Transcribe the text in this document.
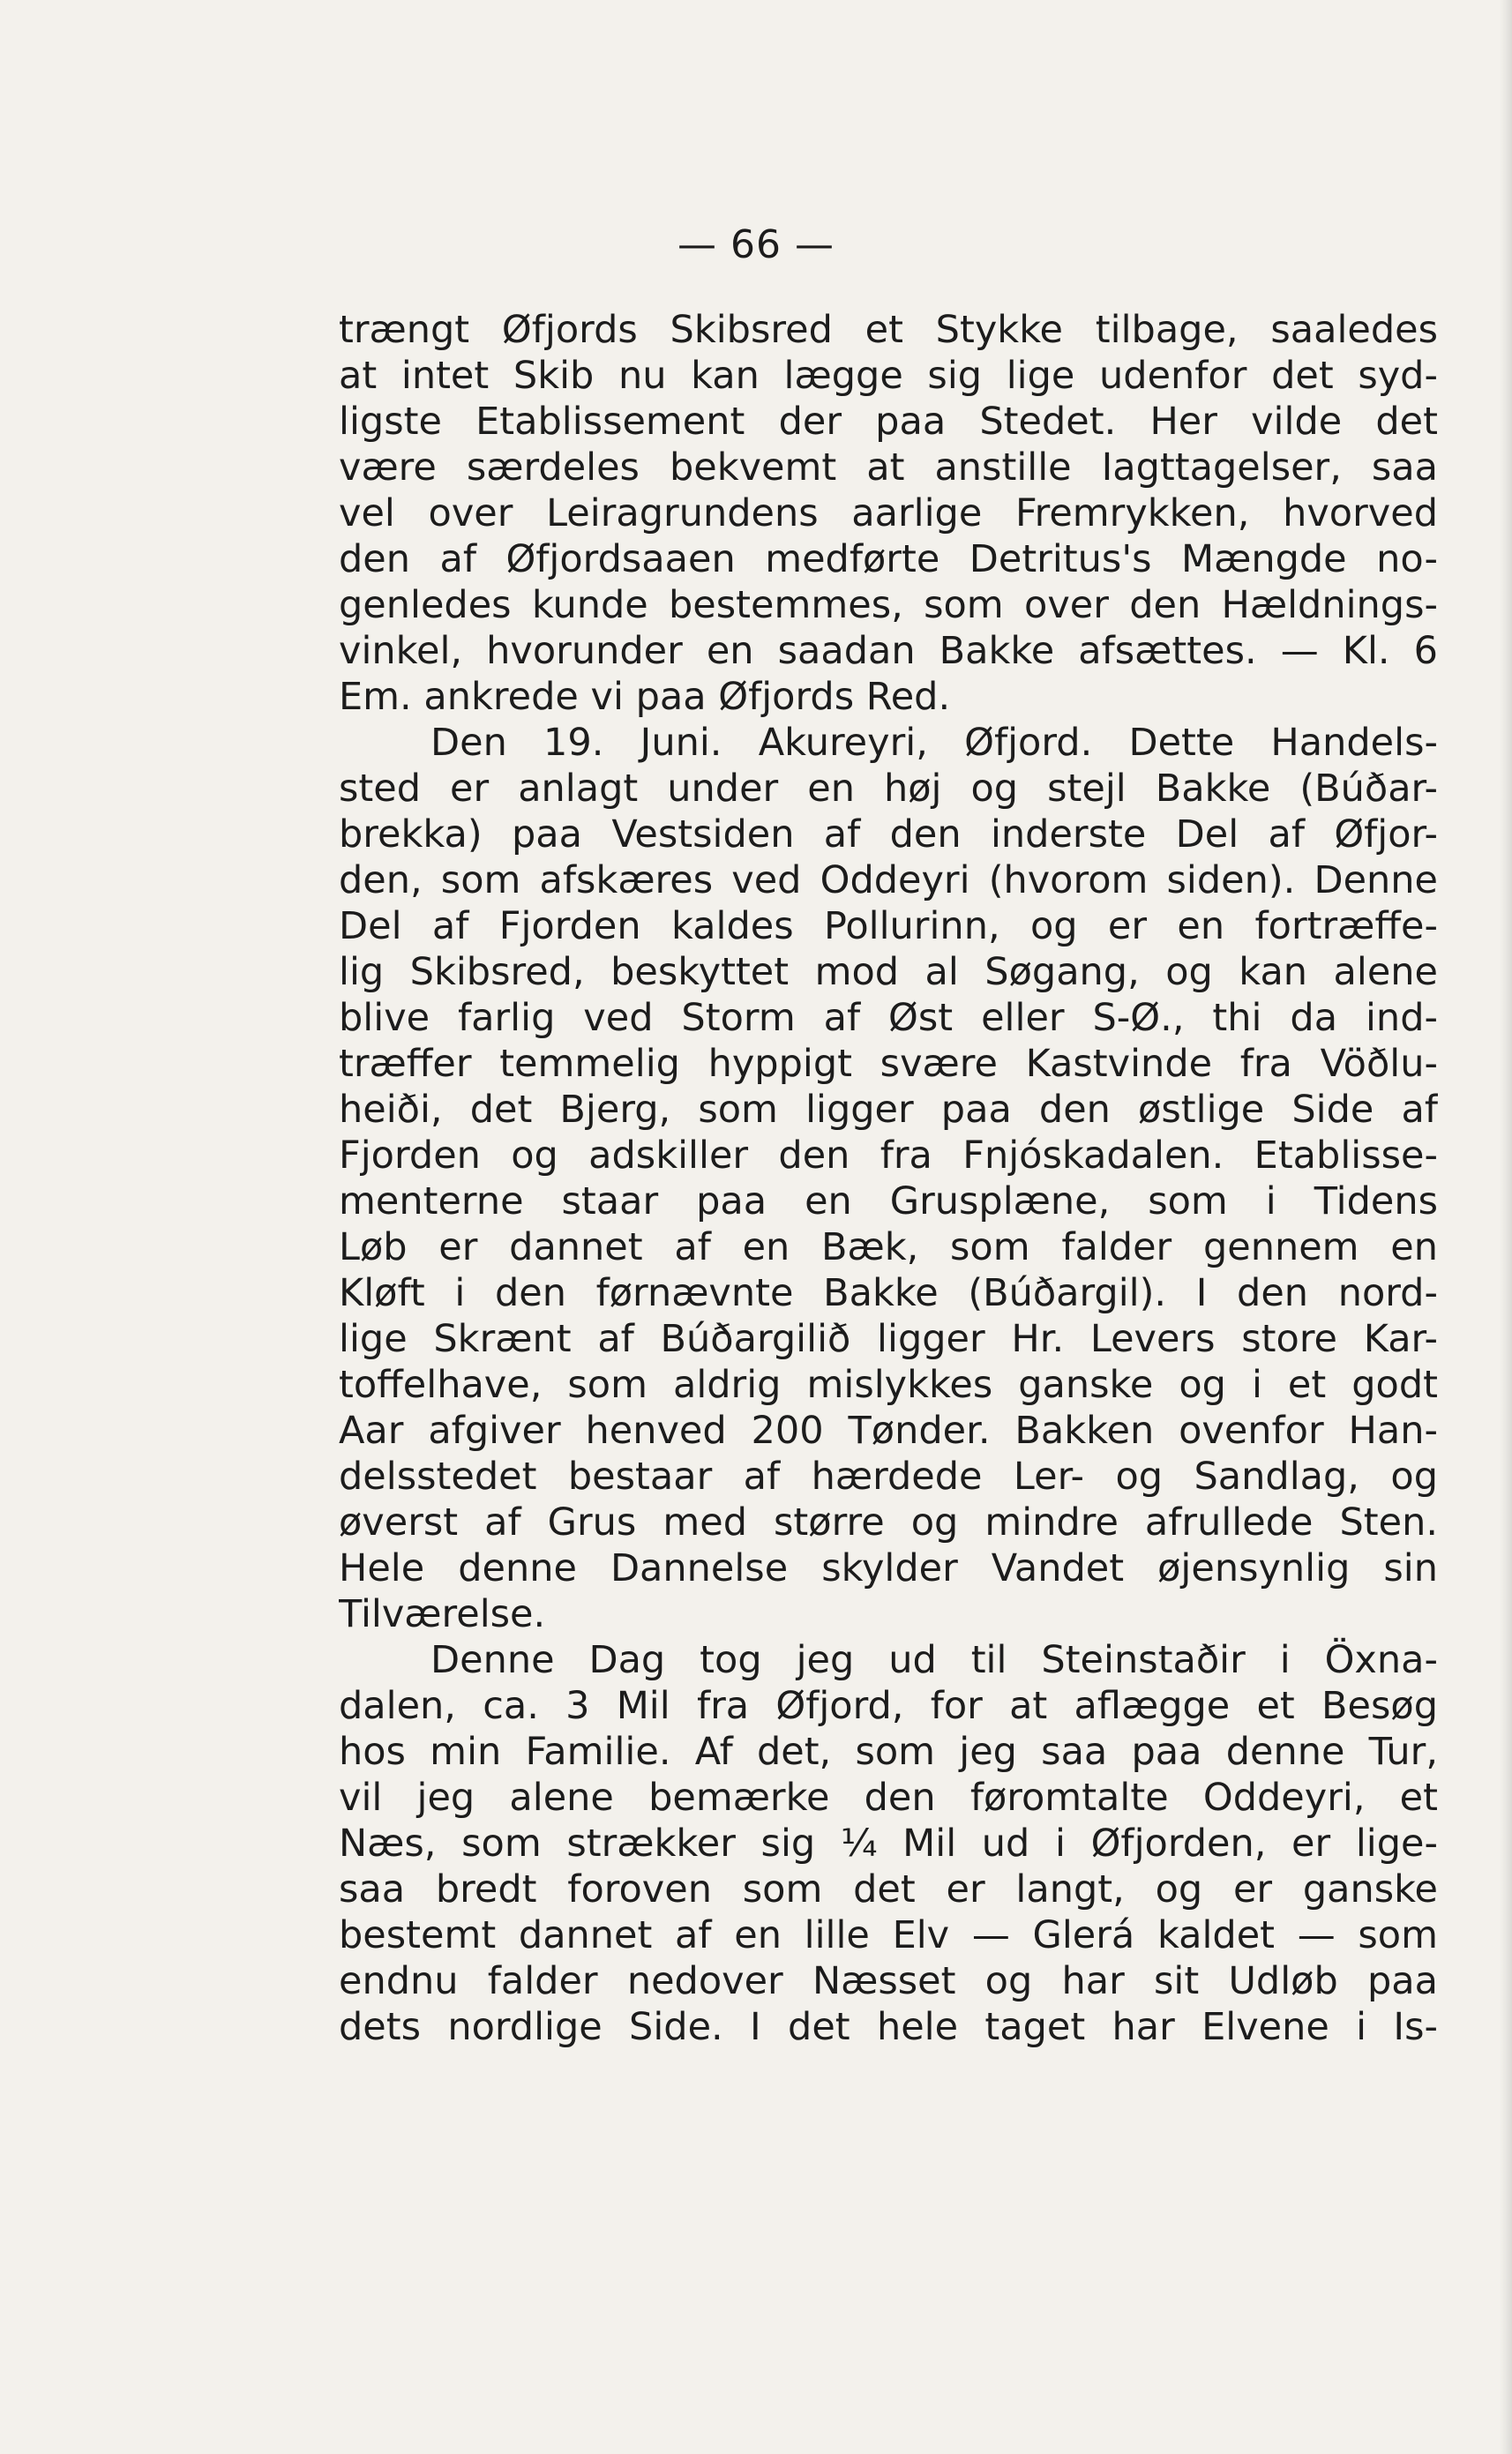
— 66 —
trængt Øfjords Skibsred et Stykke tilbage, saaledes
at intet Skib nu kan lægge sig lige udenfor det syd-
ligste Etablissement der paa Stedet. Her vilde det
være særdeles bekvemt at anstille Iagttagelser, saa
vel over Leiragrundens aarlige Fremrykken, hvorved
den af Øfjordsaaen medførte Detritus's Mængde no-
genledes kunde bestemmes, som over den Hældnings-
vinkel, hvorunder en saadan Bakke afsættes. — Kl. 6
Em. ankrede vi paa Øfjords Red.
Den 19. Juni. Akureyri, Øfjord. Dette Handels-
sted er anlagt under en høj og stejl Bakke (Búðar-
brekka) paa Vestsiden af den inderste Del af Øfjor-
den, som afskæres ved Oddeyri (hvorom siden). Denne
Del af Fjorden kaldes Pollurinn, og er en fortræffe-
lig Skibsred, beskyttet mod al Søgang, og kan alene
blive farlig ved Storm af Øst eller S-Ø., thi da ind-
træffer temmelig hyppigt svære Kastvinde fra Vöðlu-
heiði, det Bjerg, som ligger paa den østlige Side af
Fjorden og adskiller den fra Fnjóskadalen. Etablisse-
menterne staar paa en Grusplæne, som i Tidens
Løb er dannet af en Bæk, som falder gennem en
Kløft i den førnævnte Bakke (Búðargil). I den nord-
lige Skrænt af Búðargilið ligger Hr. Levers store Kar-
toffelhave, som aldrig mislykkes ganske og i et godt
Aar afgiver henved 200 Tønder. Bakken ovenfor Han-
delsstedet bestaar af hærdede Ler- og Sandlag, og
øverst af Grus med større og mindre afrullede Sten.
Hele denne Dannelse skylder Vandet øjensynlig sin
Tilværelse.
Denne Dag tog jeg ud til Steinstaðir i Öxna-
dalen, ca. 3 Mil fra Øfjord, for at aflægge et Besøg
hos min Familie. Af det, som jeg saa paa denne Tur,
vil jeg alene bemærke den føromtalte Oddeyri, et
Næs, som strækker sig ¼ Mil ud i Øfjorden, er lige-
saa bredt foroven som det er langt, og er ganske
bestemt dannet af en lille Elv — Glerá kaldet — som
endnu falder nedover Næsset og har sit Udløb paa
dets nordlige Side. I det hele taget har Elvene i Is-
